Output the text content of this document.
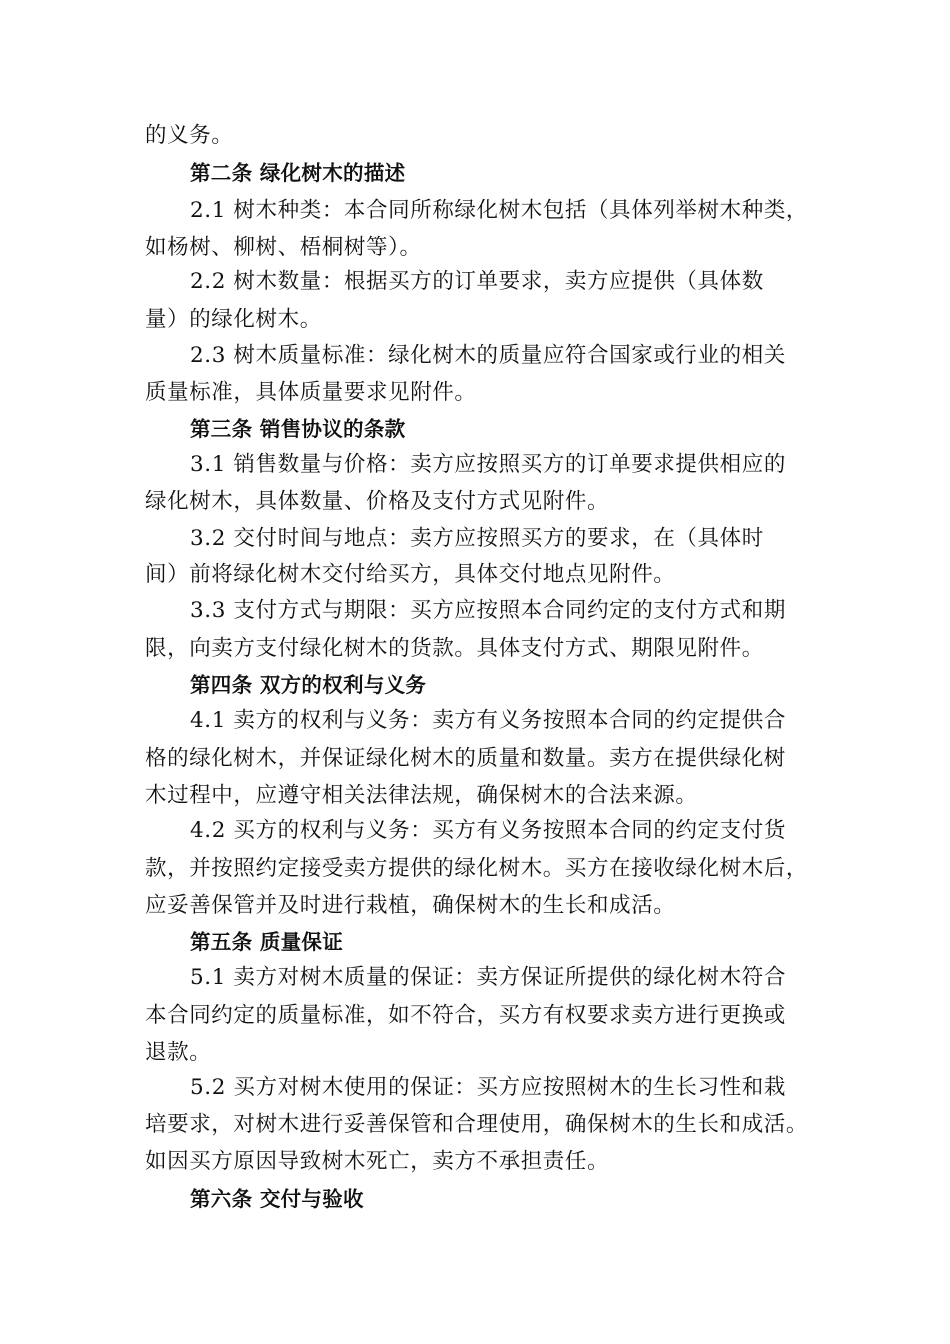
的义务。
第二条 绿化树木的描述
2.1 树木种类：本合同所称绿化树木包括（具体列举树木种类，
如杨树、柳树、梧桐树等）。
2.2 树木数量：根据买方的订单要求，卖方应提供（具体数
量）的绿化树木。
2.3 树木质量标准：绿化树木的质量应符合国家或行业的相关
质量标准，具体质量要求见附件。
第三条 销售协议的条款
3.1 销售数量与价格：卖方应按照买方的订单要求提供相应的
绿化树木，具体数量、价格及支付方式见附件。
3.2 交付时间与地点：卖方应按照买方的要求，在（具体时
间）前将绿化树木交付给买方，具体交付地点见附件。
3.3 支付方式与期限：买方应按照本合同约定的支付方式和期
限，向卖方支付绿化树木的货款。具体支付方式、期限见附件。
第四条 双方的权利与义务
4.1 卖方的权利与义务：卖方有义务按照本合同的约定提供合
格的绿化树木，并保证绿化树木的质量和数量。卖方在提供绿化树
木过程中，应遵守相关法律法规，确保树木的合法来源。
4.2 买方的权利与义务：买方有义务按照本合同的约定支付货
款，并按照约定接受卖方提供的绿化树木。买方在接收绿化树木后，
应妥善保管并及时进行栽植，确保树木的生长和成活。
第五条 质量保证
5.1 卖方对树木质量的保证：卖方保证所提供的绿化树木符合
本合同约定的质量标准，如不符合，买方有权要求卖方进行更换或
退款。
5.2 买方对树木使用的保证：买方应按照树木的生长习性和栽
培要求，对树木进行妥善保管和合理使用，确保树木的生长和成活。
如因买方原因导致树木死亡，卖方不承担责任。
第六条 交付与验收
